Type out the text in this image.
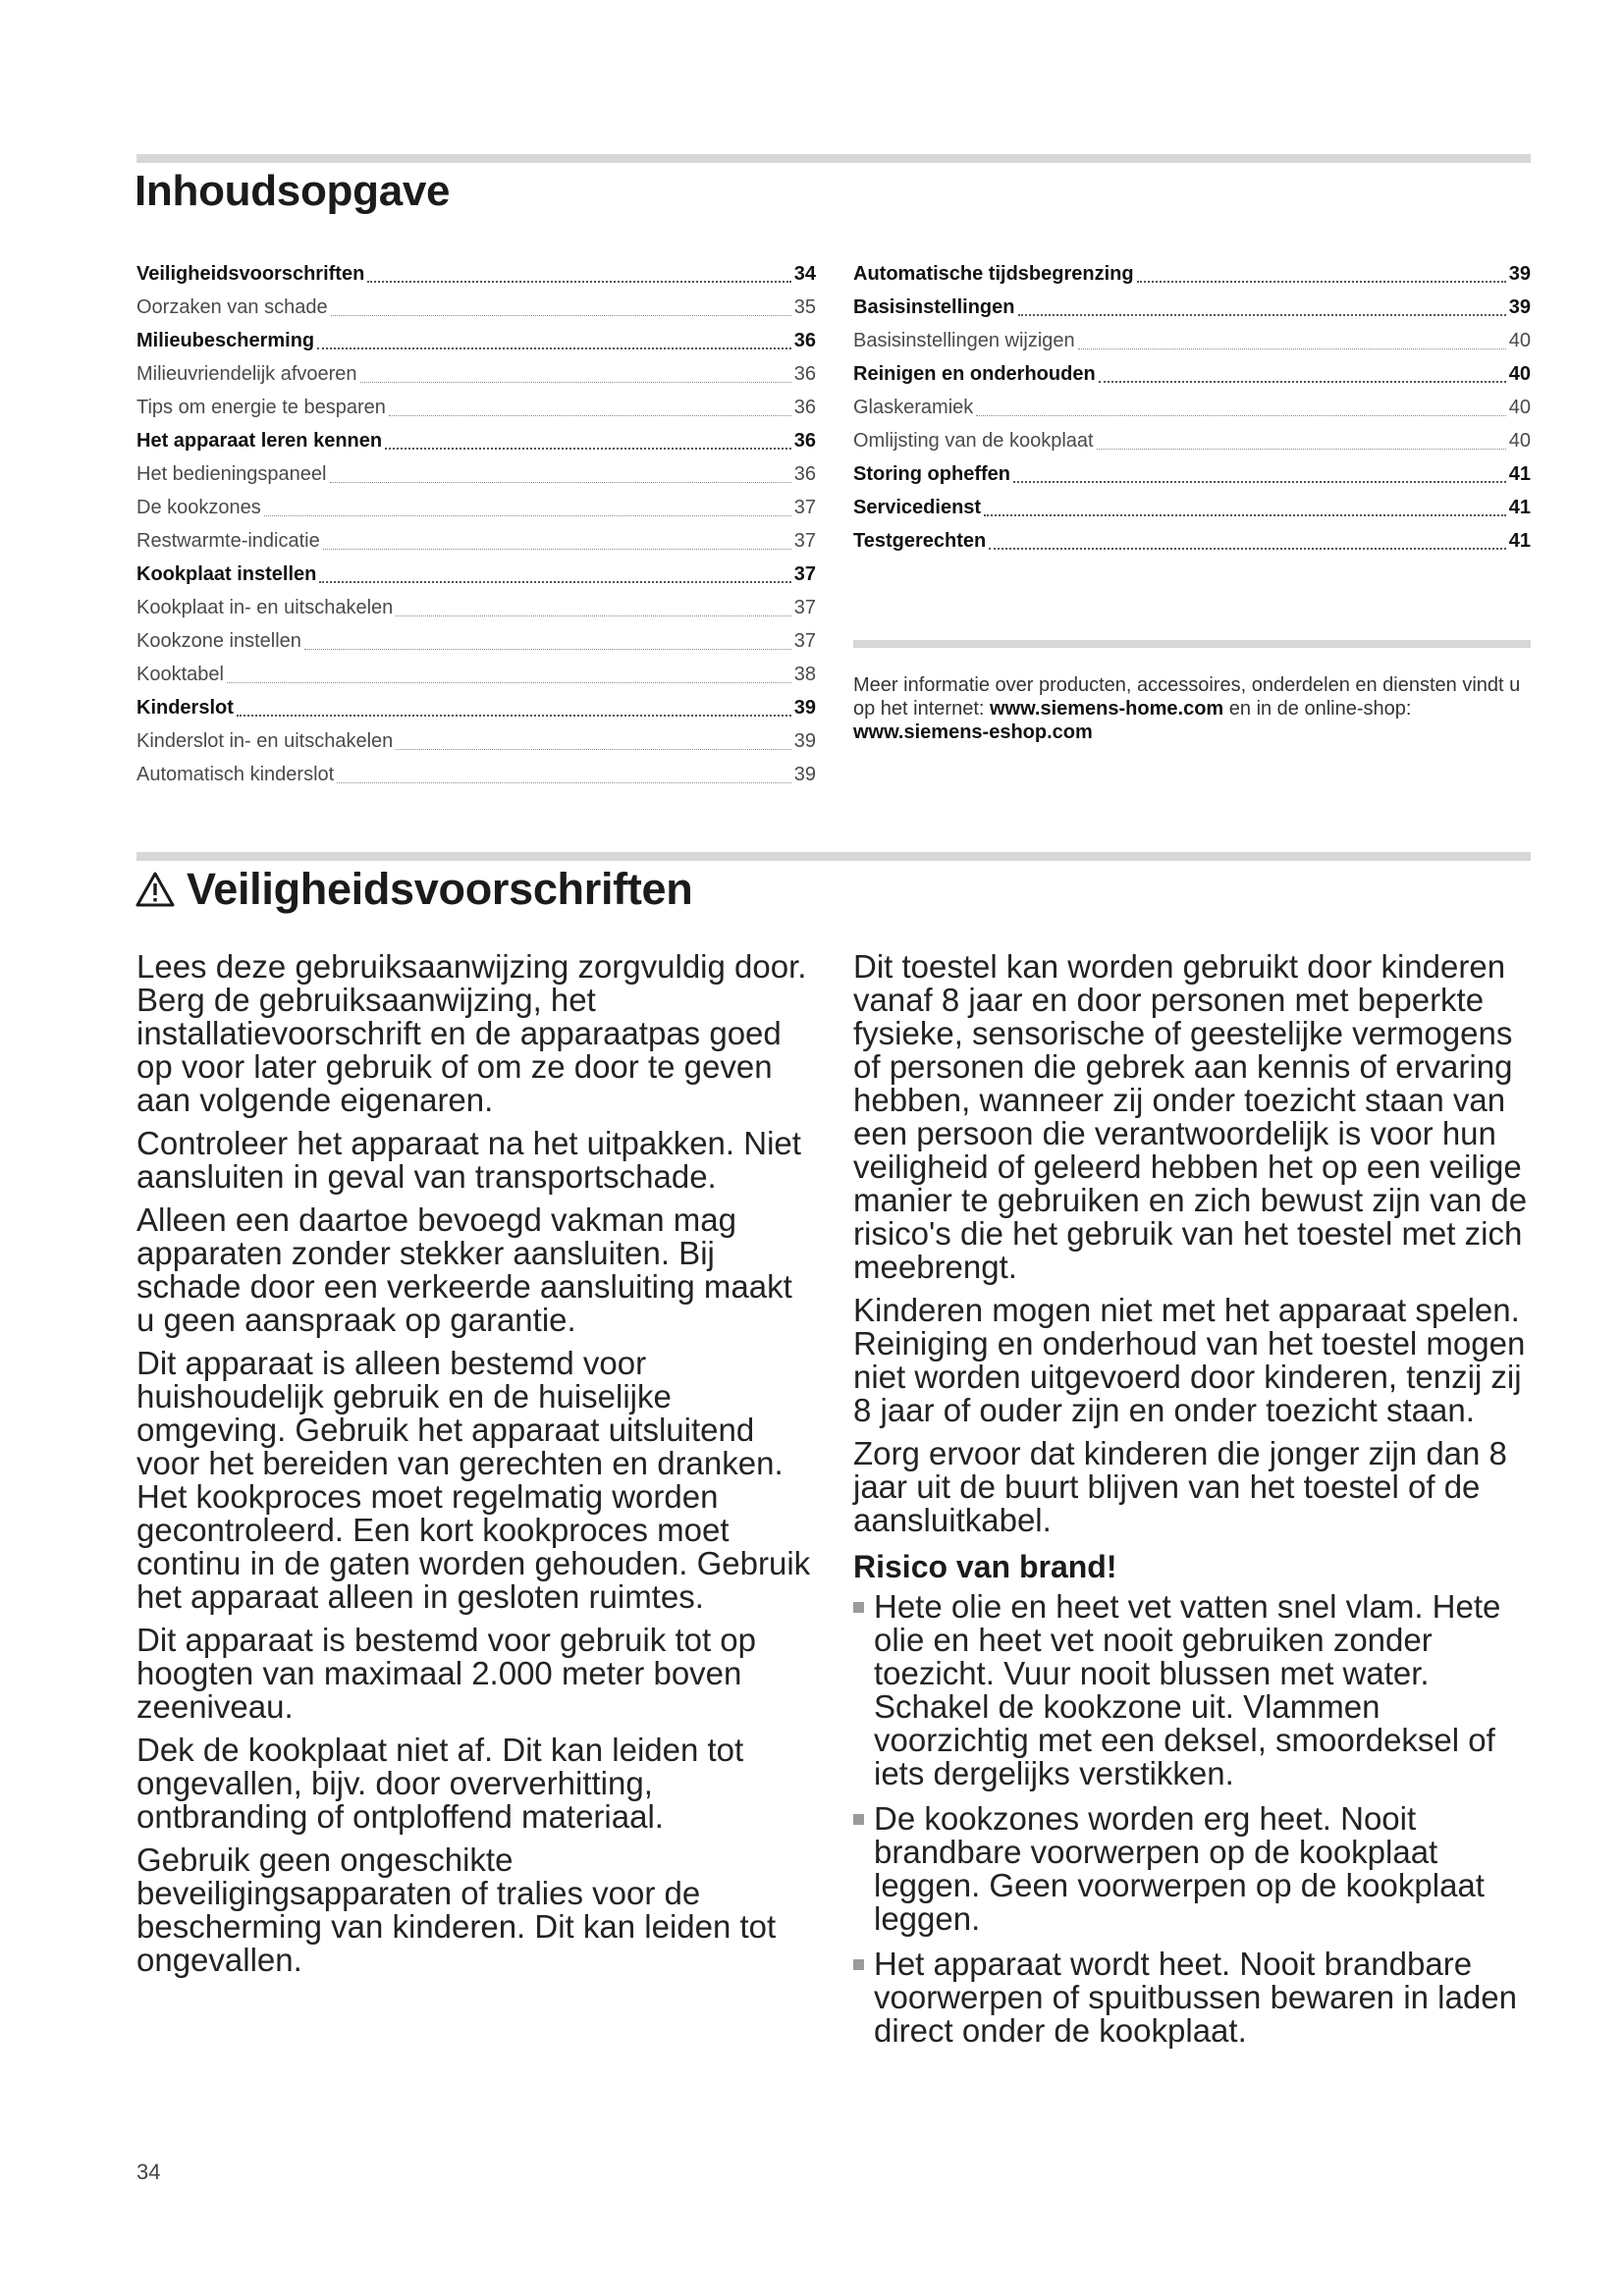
Inhoudsopgave
Veiligheidsvoorschriften	34
Oorzaken van schade	35
Milieubescherming	36
Milieuvriendelijk afvoeren	36
Tips om energie te besparen	36
Het apparaat leren kennen	36
Het bedieningspaneel	36
De kookzones	37
Restwarmte-indicatie	37
Kookplaat instellen	37
Kookplaat in- en uitschakelen	37
Kookzone instellen	37
Kooktabel	38
Kinderslot	39
Kinderslot in- en uitschakelen	39
Automatisch kinderslot	39
Automatische tijdsbegrenzing	39
Basisinstellingen	39
Basisinstellingen wijzigen	40
Reinigen en onderhouden	40
Glaskeramiek	40
Omlijsting van de kookplaat	40
Storing opheffen	41
Servicedienst	41
Testgerechten	41

Meer informatie over producten, accessoires, onderdelen en diensten vindt u op het internet: www.siemens-home.com en in de online-shop: www.siemens-eshop.com

Veiligheidsvoorschriften

Lees deze gebruiksaanwijzing zorgvuldig door. Berg de gebruiksaanwijzing, het installatievoorschrift en de apparaatpas goed op voor later gebruik of om ze door te geven aan volgende eigenaren.

Controleer het apparaat na het uitpakken. Niet aansluiten in geval van transportschade.

Alleen een daartoe bevoegd vakman mag apparaten zonder stekker aansluiten. Bij schade door een verkeerde aansluiting maakt u geen aanspraak op garantie.

Dit apparaat is alleen bestemd voor huishoudelijk gebruik en de huiselijke omgeving. Gebruik het apparaat uitsluitend voor het bereiden van gerechten en dranken. Het kookproces moet regelmatig worden gecontroleerd. Een kort kookproces moet continu in de gaten worden gehouden. Gebruik het apparaat alleen in gesloten ruimtes.

Dit apparaat is bestemd voor gebruik tot op hoogten van maximaal 2.000 meter boven zeeniveau.

Dek de kookplaat niet af. Dit kan leiden tot ongevallen, bijv. door oververhitting, ontbranding of ontploffend materiaal.

Gebruik geen ongeschikte beveiligingsapparaten of tralies voor de bescherming van kinderen. Dit kan leiden tot ongevallen.

Dit toestel kan worden gebruikt door kinderen vanaf 8 jaar en door personen met beperkte fysieke, sensorische of geestelijke vermogens of personen die gebrek aan kennis of ervaring hebben, wanneer zij onder toezicht staan van een persoon die verantwoordelijk is voor hun veiligheid of geleerd hebben het op een veilige manier te gebruiken en zich bewust zijn van de risico's die het gebruik van het toestel met zich meebrengt.

Kinderen mogen niet met het apparaat spelen. Reiniging en onderhoud van het toestel mogen niet worden uitgevoerd door kinderen, tenzij zij 8 jaar of ouder zijn en onder toezicht staan.

Zorg ervoor dat kinderen die jonger zijn dan 8 jaar uit de buurt blijven van het toestel of de aansluitkabel.

Risico van brand!
Hete olie en heet vet vatten snel vlam. Hete olie en heet vet nooit gebruiken zonder toezicht. Vuur nooit blussen met water. Schakel de kookzone uit. Vlammen voorzichtig met een deksel, smoordeksel of iets dergelijks verstikken.
De kookzones worden erg heet. Nooit brandbare voorwerpen op de kookplaat leggen. Geen voorwerpen op de kookplaat leggen.
Het apparaat wordt heet. Nooit brandbare voorwerpen of spuitbussen bewaren in laden direct onder de kookplaat.
34
